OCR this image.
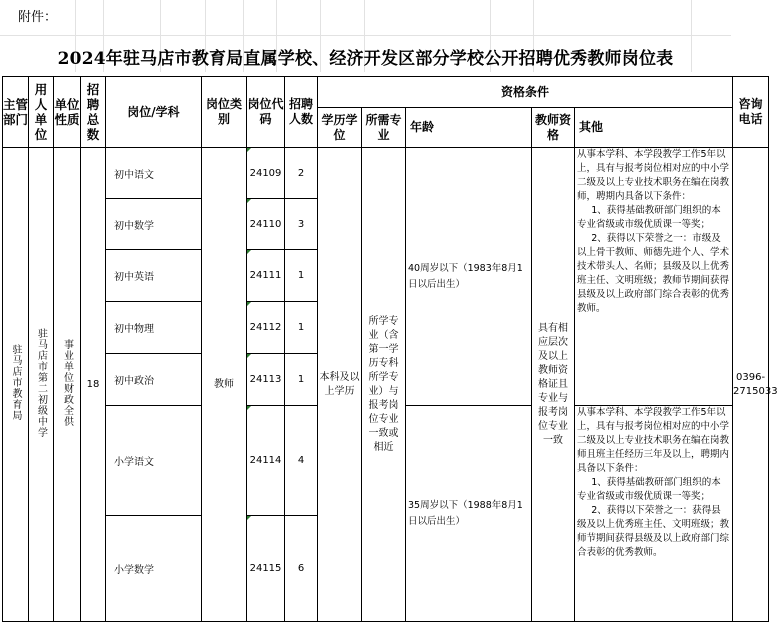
附件：
2024年驻马店市教育局直属学校、经济开发区部分学校公开招聘优秀教师岗位表
主管部门	用人单位	单位性质	招聘总数	岗位/学科	岗位类别	岗位代码	招聘人数	资格条件					咨询电话
								学历学位	所需专业	年龄	教师资格	其他	
驻马店市教育局	驻马店市第二初级中学	事业单位财政全供	18	初中语文	教师	24109	2	本科及以上学历	所学专业（含第一学历专科所学专业）与报考岗位专业一致或相近	40周岁以下（1983年8月1日以后出生）	具有相应层次及以上教师资格证且专业与报考岗位专业一致	从事本学科、本学段教学工作5年以上，具有与报考岗位相对应的中小学二级及以上专业技术职务在编在岗教师，聘期内具备以下条件：

1、获得基础教研部门组织的本专业省级或市级优质课一等奖；

2、获得以下荣誉之一：市级及以上骨干教师、师德先进个人、学术技术带头人、名师；县级及以上优秀班主任、文明班级；教师节期间获得县级及以上政府部门综合表彰的优秀教师。	0396-2715033
				初中数学		24110	3						
				初中英语		24111	1						
				初中物理		24112	1						
				初中政治		24113	1						
				小学语文		24114	4			35周岁以下（1988年8月1日以后出生）		从事本学科、本学段教学工作5年以上，具有与报考岗位相对应的中小学二级及以上专业技术职务在编在岗教师且班主任经历三年及以上，聘期内具备以下条件：

1、获得基础教研部门组织的本专业省级或市级优质课一等奖；

2、获得以下荣誉之一：获得县级及以上优秀班主任、文明班级；教师节期间获得县级及以上政府部门综合表彰的优秀教师。	

				小学数学		24115	6						
